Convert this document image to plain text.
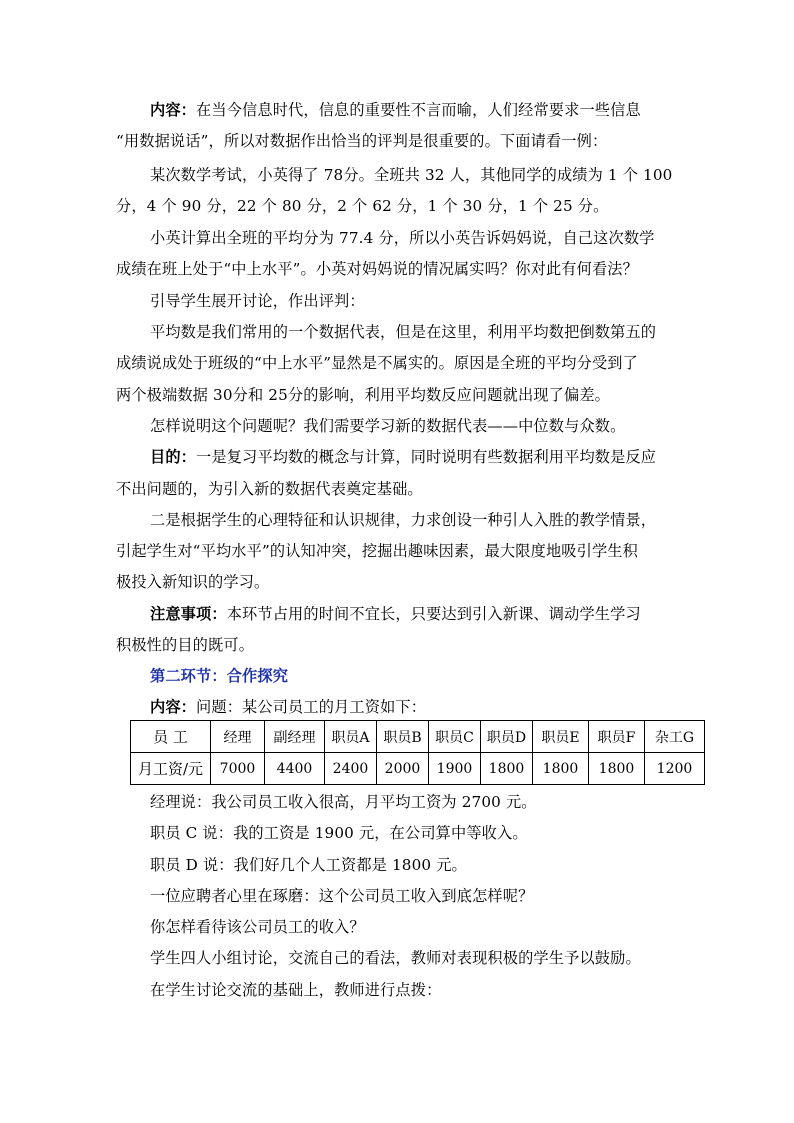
内容：在当今信息时代，信息的重要性不言而喻，人们经常要求一些信息
“用数据说话”，所以对数据作出恰当的评判是很重要的。下面请看一例：
某次数学考试，小英得了 78分。全班共 32 人，其他同学的成绩为 1 个 100
分，4 个 90 分，22 个 80 分，2 个 62 分，1 个 30 分，1 个 25 分。
小英计算出全班的平均分为 77.4 分，所以小英告诉妈妈说，自己这次数学
成绩在班上处于“中上水平”。小英对妈妈说的情况属实吗？你对此有何看法？
引导学生展开讨论，作出评判：
平均数是我们常用的一个数据代表，但是在这里，利用平均数把倒数第五的
成绩说成处于班级的“中上水平”显然是不属实的。原因是全班的平均分受到了
两个极端数据 30分和 25分的影响，利用平均数反应问题就出现了偏差。
怎样说明这个问题呢？我们需要学习新的数据代表——中位数与众数。
目的：一是复习平均数的概念与计算，同时说明有些数据利用平均数是反应
不出问题的，为引入新的数据代表奠定基础。
二是根据学生的心理特征和认识规律，力求创设一种引人入胜的教学情景，
引起学生对“平均水平”的认知冲突，挖掘出趣味因素，最大限度地吸引学生积
极投入新知识的学习。
注意事项：本环节占用的时间不宜长，只要达到引入新课、调动学生学习
积极性的目的既可。
第二环节：合作探究
内容：问题：某公司员工的月工资如下：
员 工	经理	副经理	职员A	职员B	职员C	职员D	职员E	职员F	杂工G
月工资/元	7000	4400	2400	2000	1900	1800	1800	1800	1200
经理说：我公司员工收入很高，月平均工资为 2700 元。
职员 C 说：我的工资是 1900 元，在公司算中等收入。
职员 D 说：我们好几个人工资都是 1800 元。
一位应聘者心里在琢磨：这个公司员工收入到底怎样呢？
你怎样看待该公司员工的收入？
学生四人小组讨论，交流自己的看法，教师对表现积极的学生予以鼓励。
在学生讨论交流的基础上，教师进行点拨：
